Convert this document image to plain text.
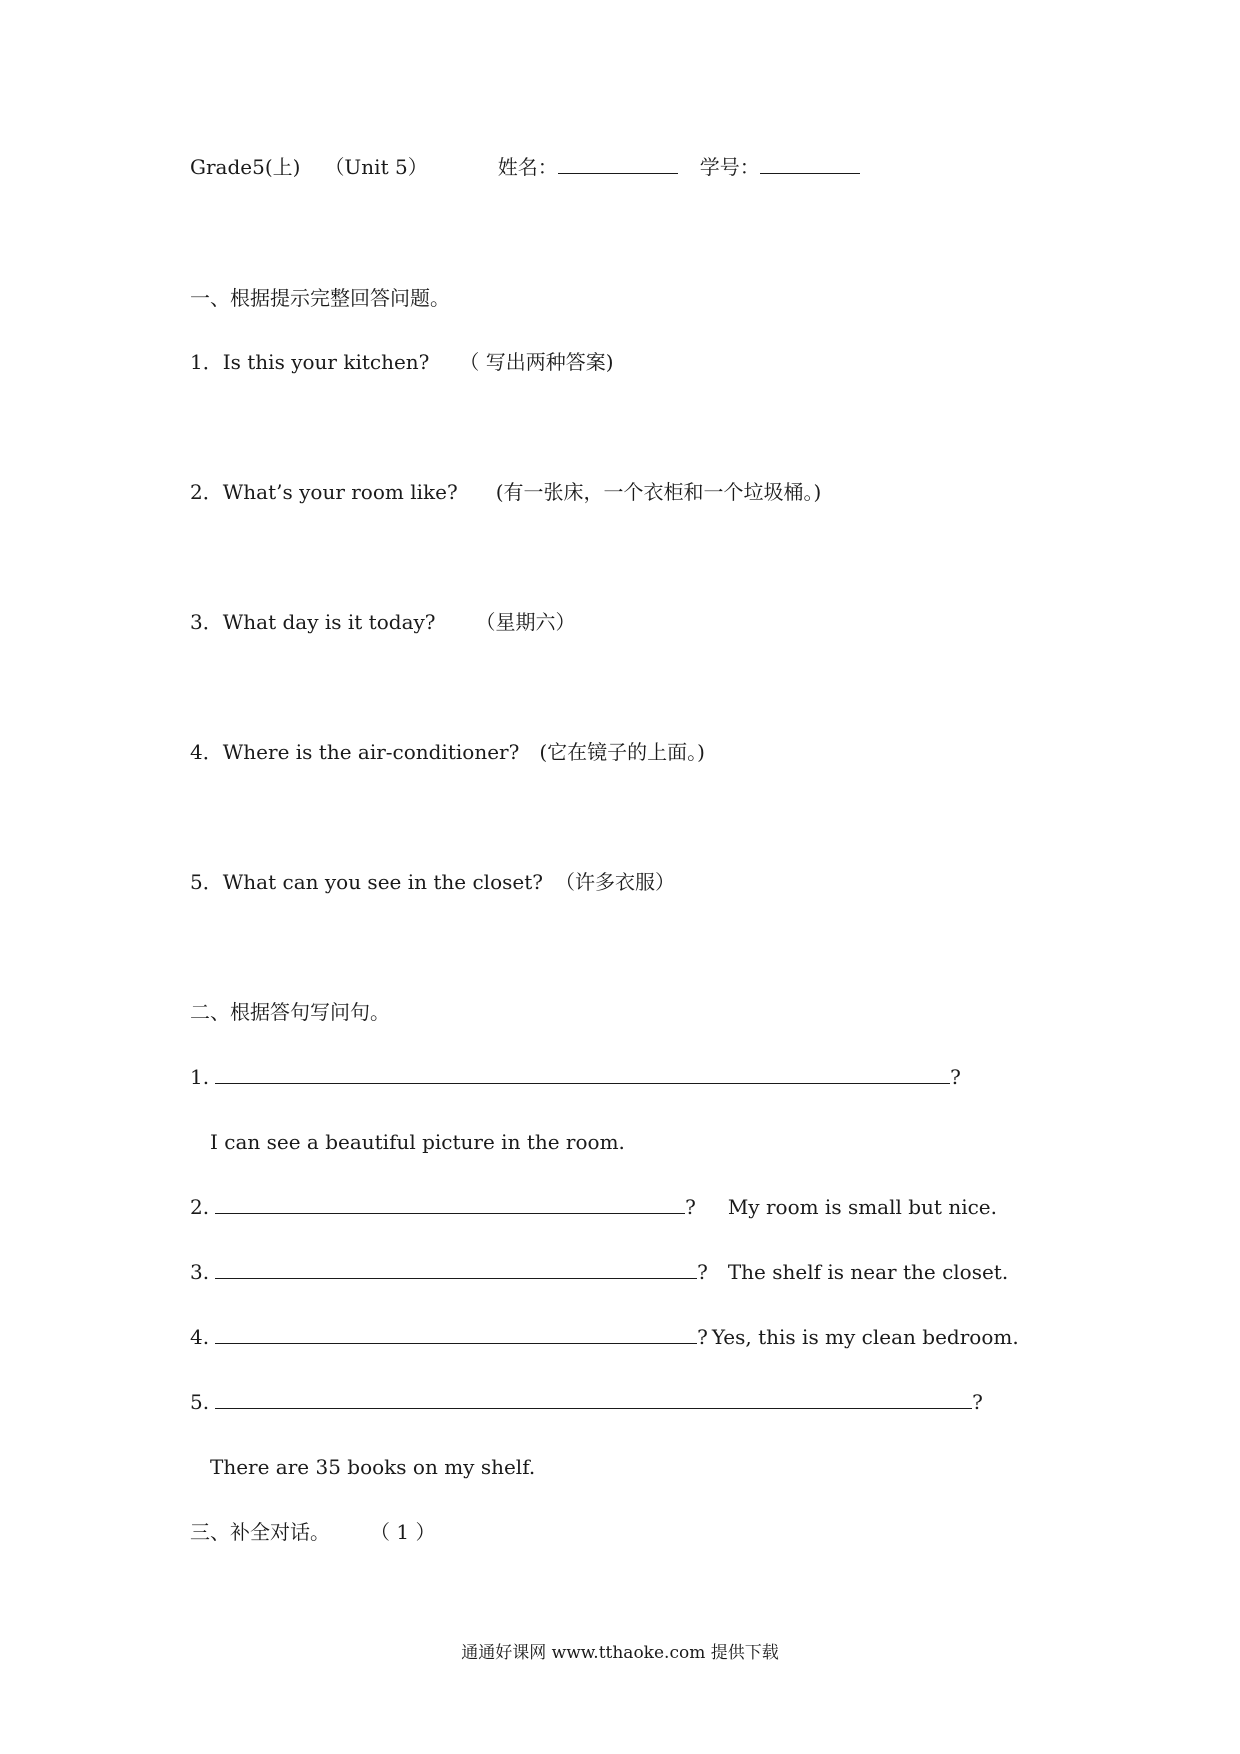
Grade5(上) （Unit 5）	姓名：	学号：
一、根据提示完整回答问题。
1．Is this your kitchen? （ 写出两种答案)
2．What’s your room like? (有一张床，一个衣柜和一个垃圾桶。)
3．What day is it today? （星期六）
4．Where is the air-conditioner? (它在镜子的上面。)
5．What can you see in the closet? （许多衣服）
二、根据答句写问句。
1.	?
I can see a beautiful picture in the room.
2.	? My room is small but nice.
3.	? The shelf is near the closet.
4.	? Yes, this is my clean bedroom.
5.	?
There are 35 books on my shelf.
三、补全对话。 （ 1 ）
通通好课网 www.tthaoke.com 提供下载
